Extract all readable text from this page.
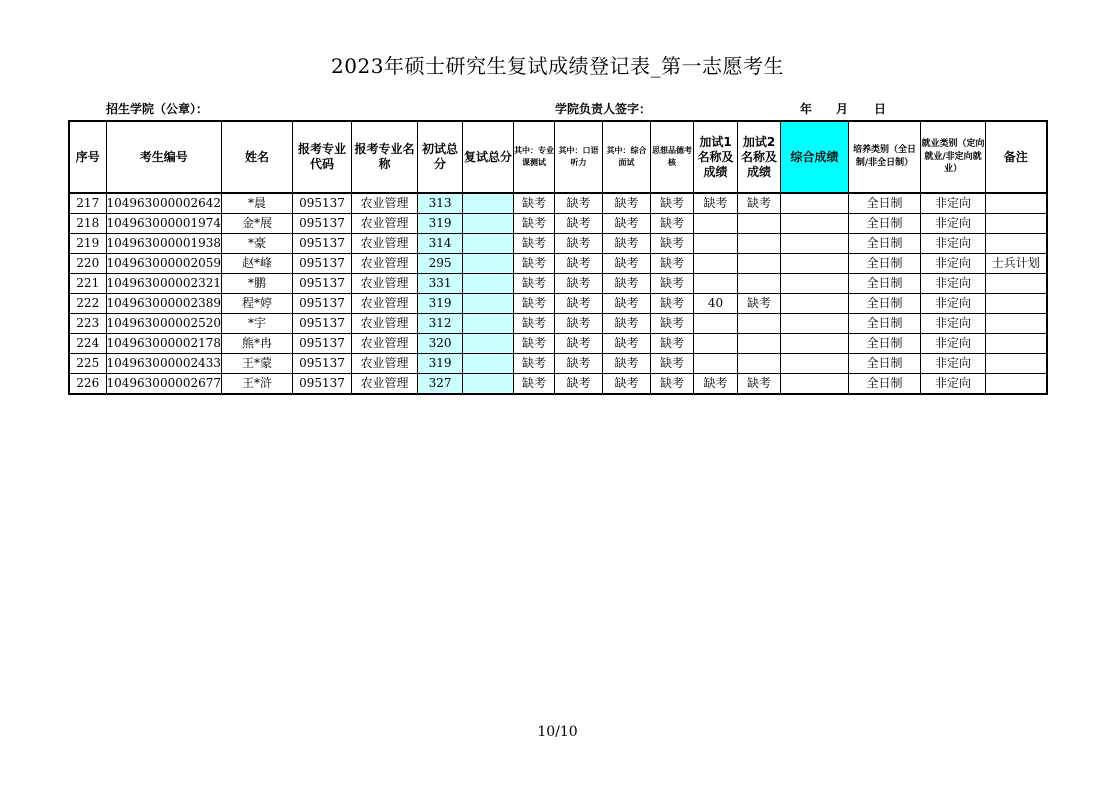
2023年硕士研究生复试成绩登记表_第一志愿考生
招生学院（公章）：	学院负责人签字：	年 月 日
序号	考生编号	姓名	报考专业代码	报考专业名称	初试总分	复试总分	其中：专业课测试	其中：口语听力	其中：综合面试	思想品德考核	加试1名称及成绩	加试2名称及成绩	综合成绩	培养类别（全日制/非全日制）	就业类别（定向就业/非定向就业）	备注
217	104963000002642	*晨	095137	农业管理	313		缺考	缺考	缺考	缺考	缺考	缺考		全日制	非定向	
218	104963000001974	金*展	095137	农业管理	319		缺考	缺考	缺考	缺考				全日制	非定向	
219	104963000001938	*豪	095137	农业管理	314		缺考	缺考	缺考	缺考				全日制	非定向	
220	104963000002059	赵*峰	095137	农业管理	295		缺考	缺考	缺考	缺考				全日制	非定向	士兵计划
221	104963000002321	*鹏	095137	农业管理	331		缺考	缺考	缺考	缺考				全日制	非定向	
222	104963000002389	程*婷	095137	农业管理	319		缺考	缺考	缺考	缺考	40	缺考		全日制	非定向	
223	104963000002520	*宇	095137	农业管理	312		缺考	缺考	缺考	缺考				全日制	非定向	
224	104963000002178	熊*冉	095137	农业管理	320		缺考	缺考	缺考	缺考				全日制	非定向	
225	104963000002433	王*蒙	095137	农业管理	319		缺考	缺考	缺考	缺考				全日制	非定向	
226	104963000002677	王*浒	095137	农业管理	327		缺考	缺考	缺考	缺考	缺考	缺考		全日制	非定向	
10/10
